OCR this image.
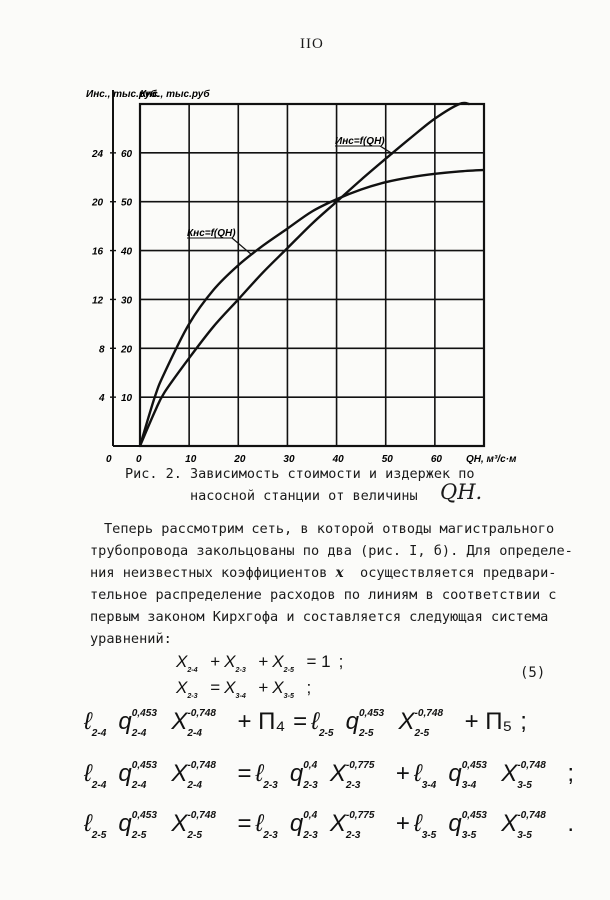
IIO
0	10	20	30	40	50	60
10
20
30
40
50
60
4
8
12
16
20
24
0
Инс., тыс.руб.
Кнс., тыс.руб
QH, м³/с·м
Кнс=f(QH)
Инс=f(QH)
Рис. 2. Зависимость стоимости и издержек по
насосной станции от величины QH.
Теперь рассмотрим сеть, в которой отводы магистрального
трубопровода закольцованы по два (рис. I, б). Для определе-
ния неизвестных коэффициентов x осуществляется предвари-
тельное распределение расходов по линиям в соответствии с
первым законом Кирхгофа и составляется следующая система
уравнений:
X 2-4 + X 2-3 + X 2-5 = 1 ;
X 2-3 = X 3-4 + X 3-5 ;
(5)
ℓ 2-4 q 0,453
2-4 X -0,748
2-4 + П₄ = ℓ 2-5 q 0,453
2-5 X -0,748
2-5 + П₅ ;
ℓ 2-4 q 0,453
2-4 X -0,748
2-4 = ℓ 2-3 q 0,4
2-3 X -0,775
2-3 + ℓ 3-4 q 0,453
3-4 X -0,748
3-5 ;
ℓ 2-5 q 0,453
2-5 X -0,748
2-5 = ℓ 2-3 q 0,4
2-3 X -0,775
2-3 + ℓ 3-5 q 0,453
3-5 X -0,748
3-5 .
